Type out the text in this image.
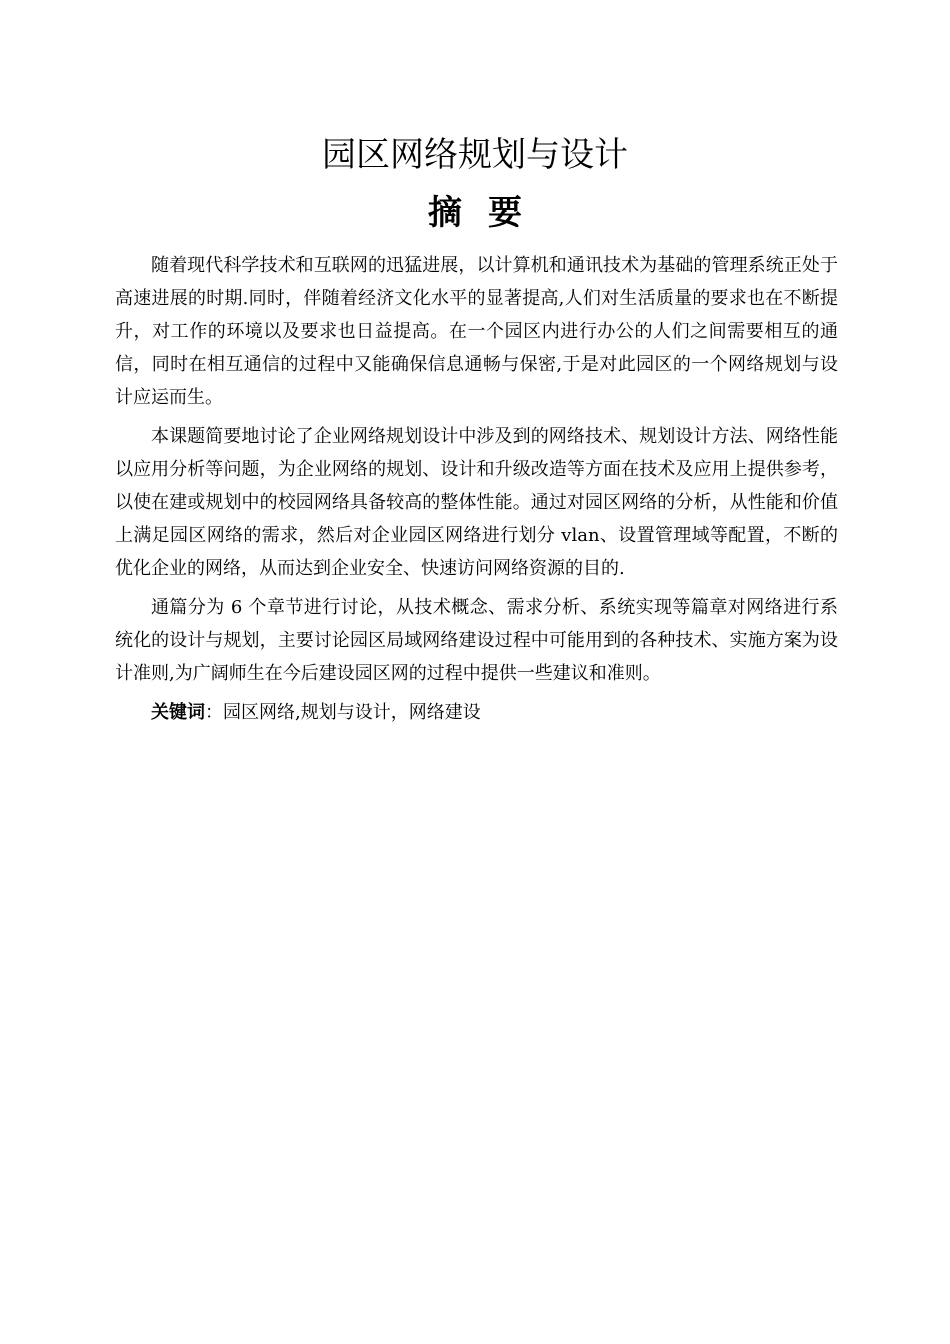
园区网络规划与设计
摘要

随着现代科学技术和互联网的迅猛进展，以计算机和通讯技术为基础的管理系统正处于高速进展的时期.同时，伴随着经济文化水平的显著提高,人们对生活质量的要求也在不断提升，对工作的环境以及要求也日益提高。在一个园区内进行办公的人们之间需要相互的通信，同时在相互通信的过程中又能确保信息通畅与保密,于是对此园区的一个网络规划与设计应运而生。

本课题简要地讨论了企业网络规划设计中涉及到的网络技术、规划设计方法、网络性能以应用分析等问题，为企业网络的规划、设计和升级改造等方面在技术及应用上提供参考，以使在建或规划中的校园网络具备较高的整体性能。通过对园区网络的分析，从性能和价值上满足园区网络的需求，然后对企业园区网络进行划分 vlan、设置管理域等配置，不断的优化企业的网络，从而达到企业安全、快速访问网络资源的目的.

通篇分为 6 个章节进行讨论，从技术概念、需求分析、系统实现等篇章对网络进行系统化的设计与规划，主要讨论园区局域网络建设过程中可能用到的各种技术、实施方案为设计准则,为广阔师生在今后建设园区网的过程中提供一些建议和准则。

关键词：园区网络,规划与设计，网络建设
